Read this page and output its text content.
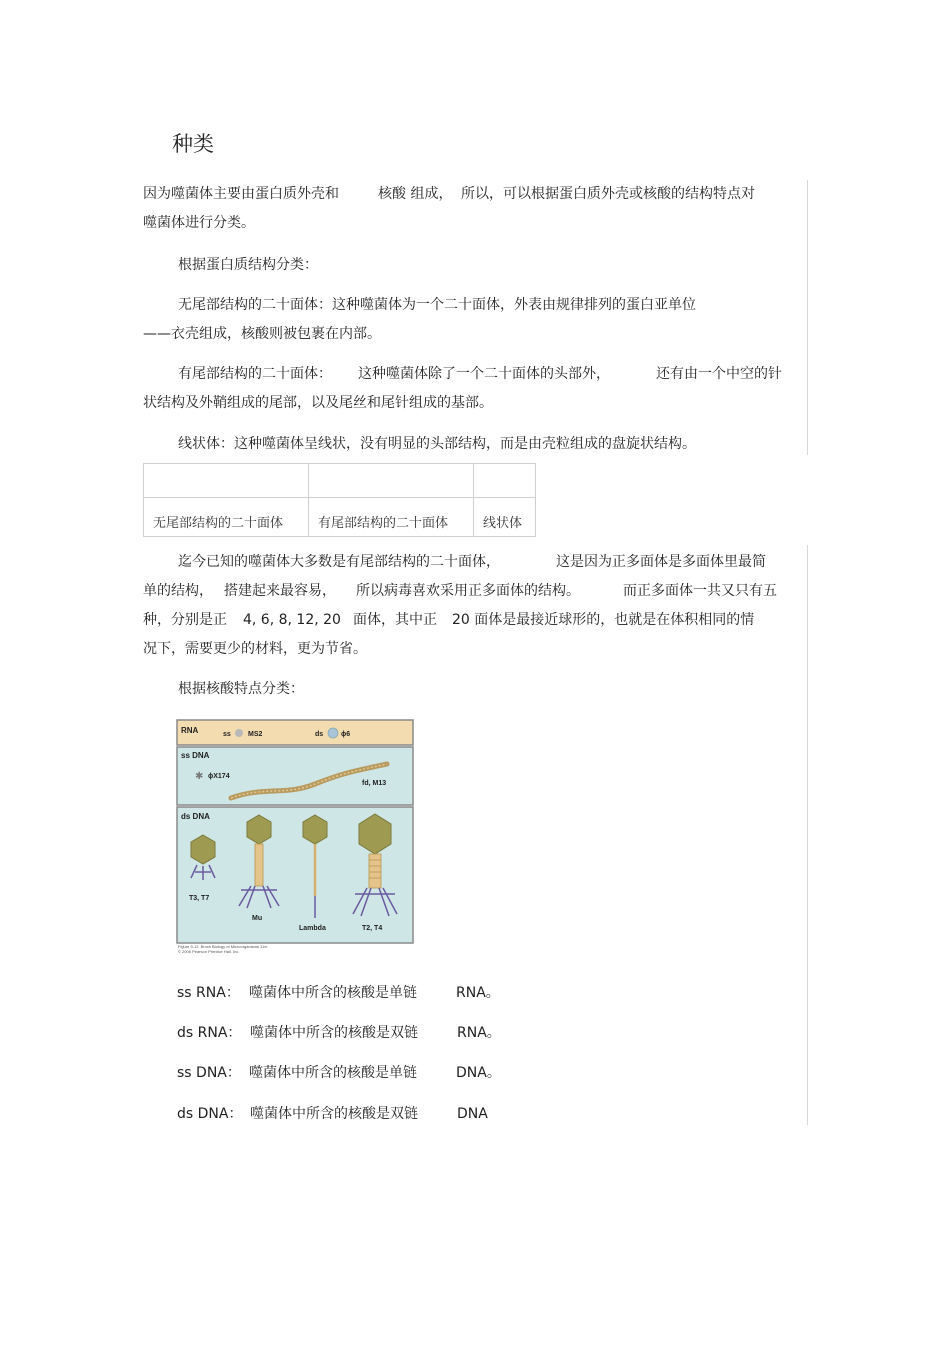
种类
因为噬菌体主要由蛋白质外壳和	核酸 组成， 所以，可以根据蛋白质外壳或核酸的结构特点对
噬菌体进行分类。
根据蛋白质结构分类：
无尾部结构的二十面体：这种噬菌体为一个二十面体，外表由规律排列的蛋白亚单位
——衣壳组成，核酸则被包裹在内部。
有尾部结构的二十面体： 这种噬菌体除了一个二十面体的头部外，	还有由一个中空的针
状结构及外鞘组成的尾部，以及尾丝和尾针组成的基部。
线状体：这种噬菌体呈线状，没有明显的头部结构，而是由壳粒组成的盘旋状结构。

无尾部结构的二十面体	有尾部结构的二十面体	线状体
迄今已知的噬菌体大多数是有尾部结构的二十面体，	这是因为正多面体是多面体里最简
单的结构， 搭建起来最容易， 所以病毒喜欢采用正多面体的结构。	而正多面体一共又只有五
种，分别是正 4, 6, 8, 12, 20 面体，其中正 20 面体是最接近球形的，也就是在体积相同的情
况下，需要更少的材料，更为节省。
根据核酸特点分类：
RNA	ss MS2	ds	ϕ6
ss DNA
✱ ϕX174
fd, M13
ds DNA
T3, T7
Mu
Lambda	T2, T4
Figure 9-12. Brock Biology of Microorganisms 11/e
© 2006 Pearson Prentice Hall, Inc.
ss RNA： 噬菌体中所含的核酸是单链	RNA。
ds RNA： 噬菌体中所含的核酸是双链	RNA。
ss DNA： 噬菌体中所含的核酸是单链	DNA。
ds DNA： 噬菌体中所含的核酸是双链	DNA
